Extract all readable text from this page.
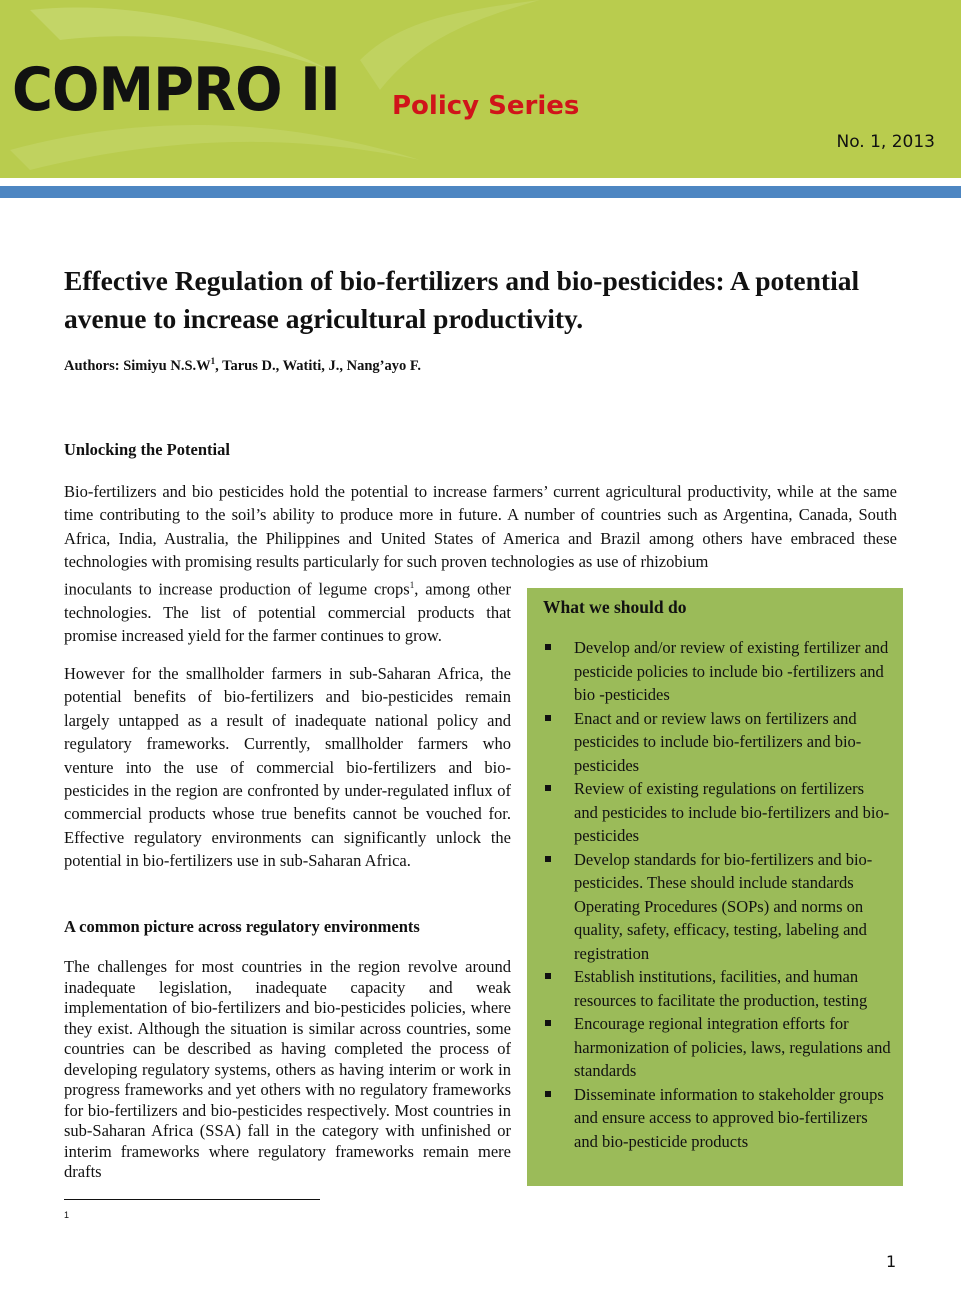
COMPRO II Policy Series
No. 1, 2013
Effective Regulation of bio-fertilizers and bio-pesticides: A potential avenue to increase agricultural productivity.
Authors: Simiyu $N.S.W^1$, Tarus D., Watiti, J., Nang’ayo F.
Unlocking the Potential

Bio-fertilizers and bio pesticides hold the potential to increase farmers’ current agricultural productivity, while at the same time contributing to the soil’s ability to produce more in future. A number of countries such as Argentina, Canada, South Africa, India, Australia, the Philippines and United States of America and Brazil among others have embraced these technologies with promising results particularly for such proven technologies as use of rhizobium

inoculants to increase production of legume crops$^1$, among other technologies. The list of potential commercial products that promise increased yield for the farmer continues to grow.

However for the smallholder farmers in sub-Saharan Africa, the potential benefits of bio-fertilizers and bio-pesticides remain largely untapped as a result of inadequate national policy and regulatory frameworks. Currently, smallholder farmers who venture into the use of commercial bio-fertilizers and bio-pesticides in the region are confronted by under-regulated influx of commercial products whose true benefits cannot be vouched for. Effective regulatory environments can significantly unlock the potential in bio-fertilizers use in sub-Saharan Africa.

A common picture across regulatory environments

The challenges for most countries in the region revolve around inadequate legislation, inadequate capacity and weak implementation of bio-fertilizers and bio-pesticides policies, where they exist. Although the situation is similar across countries, some countries can be described as having completed the process of developing regulatory systems, others as having interim or work in progress frameworks and yet others with no regulatory frameworks for bio-fertilizers and bio-pesticides respectively. Most countries in sub-Saharan Africa (SSA) fall in the category with unfinished or interim frameworks where regulatory frameworks remain mere drafts

What we should do
Develop and/or review of existing fertilizer and pesticide policies to include bio -fertilizers and bio -pesticides
Enact and or review laws on fertilizers and pesticides to include bio-fertilizers and bio-pesticides
Review of existing regulations on fertilizers and pesticides to include bio-fertilizers and bio-pesticides
Develop standards for bio-fertilizers and bio-pesticides. These should include standards Operating Procedures (SOPs) and norms on quality, safety, efficacy, testing, labeling and registration
Establish institutions, facilities, and human resources to facilitate the production, testing
Encourage regional integration efforts for harmonization of policies, laws, regulations and standards
Disseminate information to stakeholder groups and ensure access to approved bio-fertilizers and bio-pesticide products
1
1
